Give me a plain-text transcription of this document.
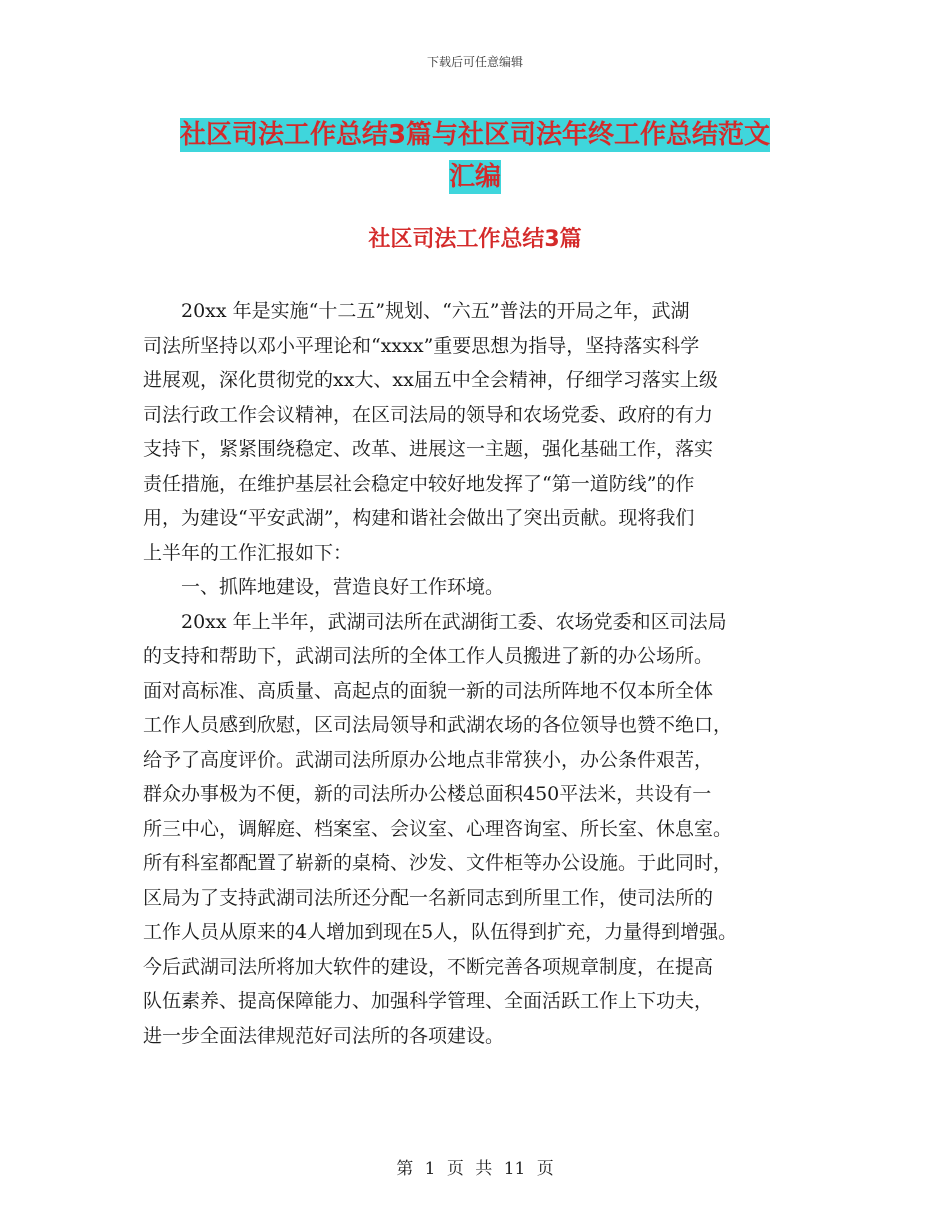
下载后可任意编辑
社区司法工作总结3篇与社区司法年终工作总结范文
汇编
社区司法工作总结3篇
　　20xx 年是实施“十二五”规划、“六五”普法的开局之年，武湖
司法所坚持以邓小平理论和“xxxx”重要思想为指导，坚持落实科学
进展观，深化贯彻党的xx大、xx届五中全会精神，仔细学习落实上级
司法行政工作会议精神，在区司法局的领导和农场党委、政府的有力
支持下，紧紧围绕稳定、改革、进展这一主题，强化基础工作，落实
责任措施，在维护基层社会稳定中较好地发挥了“第一道防线”的作
用，为建设“平安武湖”，构建和谐社会做出了突出贡献。现将我们
上半年的工作汇报如下：
　　一、抓阵地建设，营造良好工作环境。
　　20xx 年上半年，武湖司法所在武湖街工委、农场党委和区司法局
的支持和帮助下，武湖司法所的全体工作人员搬进了新的办公场所。
面对高标准、高质量、高起点的面貌一新的司法所阵地不仅本所全体
工作人员感到欣慰，区司法局领导和武湖农场的各位领导也赞不绝口，
给予了高度评价。武湖司法所原办公地点非常狭小，办公条件艰苦，
群众办事极为不便，新的司法所办公楼总面积450平法米，共设有一
所三中心，调解庭、档案室、会议室、心理咨询室、所长室、休息室。
所有科室都配置了崭新的桌椅、沙发、文件柜等办公设施。于此同时，
区局为了支持武湖司法所还分配一名新同志到所里工作，使司法所的
工作人员从原来的4人增加到现在5人，队伍得到扩充，力量得到增强。
今后武湖司法所将加大软件的建设，不断完善各项规章制度，在提高
队伍素养、提高保障能力、加强科学管理、全面活跃工作上下功夫，
进一步全面法律规范好司法所的各项建设。
第 1 页 共 11 页
